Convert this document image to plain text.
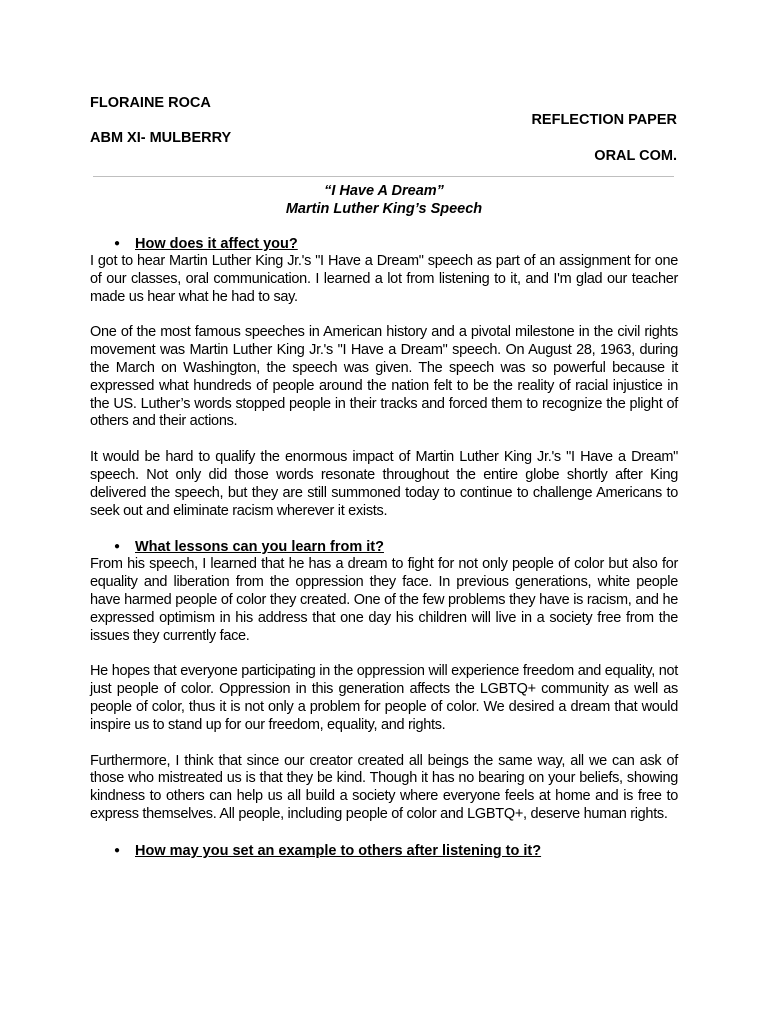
FLORAINE ROCA
ABM XI- MULBERRY
REFLECTION PAPER
ORAL COM.
“I Have A Dream”
Martin Luther King’s Speech
● How does it affect you?

I got to hear Martin Luther King Jr.'s "I Have a Dream" speech as part of an assignment for one of our classes, oral communication. I learned a lot from listening to it, and I'm glad our teacher made us hear what he had to say.

One of the most famous speeches in American history and a pivotal milestone in the civil rights movement was Martin Luther King Jr.'s "I Have a Dream" speech. On August 28, 1963, during the March on Washington, the speech was given. The speech was so powerful because it expressed what hundreds of people around the nation felt to be the reality of racial injustice in the US. Luther’s words stopped people in their tracks and forced them to recognize the plight of others and their actions.

It would be hard to qualify the enormous impact of Martin Luther King Jr.'s "I Have a Dream" speech. Not only did those words resonate throughout the entire globe shortly after King delivered the speech, but they are still summoned today to continue to challenge Americans to seek out and eliminate racism wherever it exists.

● What lessons can you learn from it?

From his speech, I learned that he has a dream to fight for not only people of color but also for equality and liberation from the oppression they face. In previous generations, white people have harmed people of color they created. One of the few problems they have is racism, and he expressed optimism in his address that one day his children will live in a society free from the issues they currently face.

He hopes that everyone participating in the oppression will experience freedom and equality, not just people of color. Oppression in this generation affects the LGBTQ+ community as well as people of color, thus it is not only a problem for people of color. We desired a dream that would inspire us to stand up for our freedom, equality, and rights.

Furthermore, I think that since our creator created all beings the same way, all we can ask of those who mistreated us is that they be kind. Though it has no bearing on your beliefs, showing kindness to others can help us all build a society where everyone feels at home and is free to express themselves. All people, including people of color and LGBTQ+, deserve human rights.

● How may you set an example to others after listening to it?
